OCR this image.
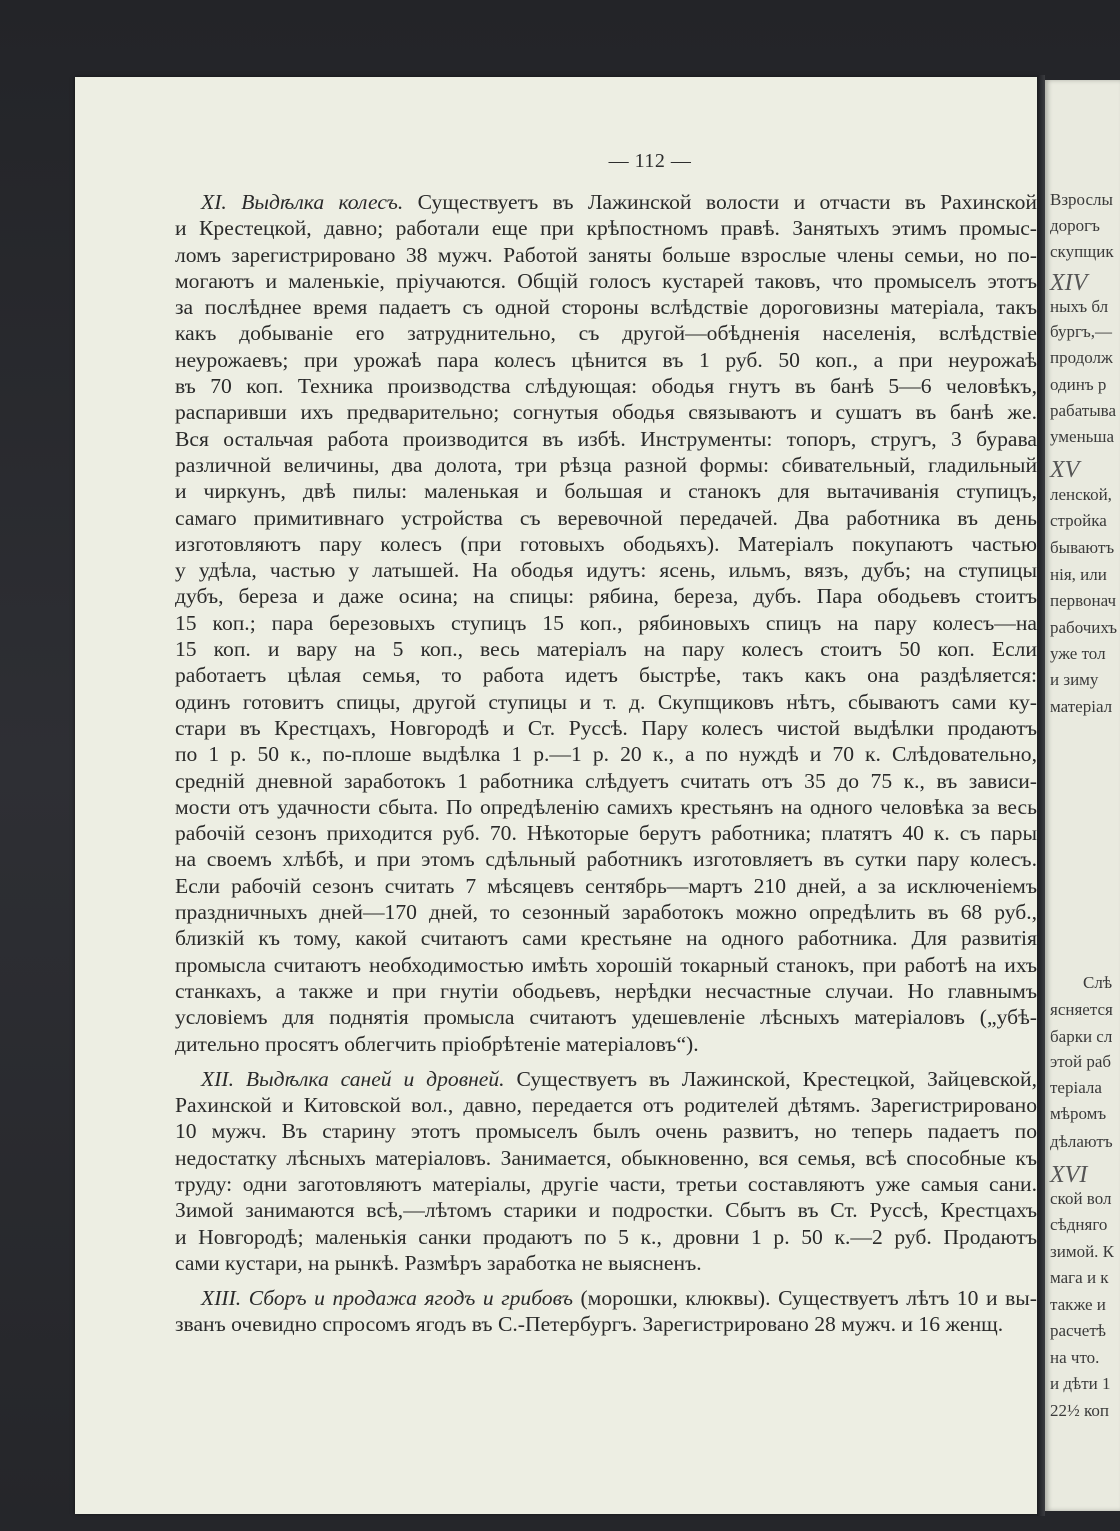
— 112 —
XI. Выдѣлка колесъ. Существуетъ въ Лажинской волости и отчасти въ Рахинской
и Крестецкой, давно; работали еще при крѣпостномъ правѣ. Занятыхъ этимъ промыс-
ломъ зарегистрировано 38 мужч. Работой заняты больше взрослые члены семьи, но по-
могаютъ и маленькіе, пріучаются. Общій голосъ кустарей таковъ, что промыселъ этотъ
за послѣднее время падаетъ съ одной стороны вслѣдствіе дороговизны матеріала, такъ
какъ добываніе его затруднительно, съ другой—обѣдненія населенія, вслѣдствіе
неурожаевъ; при урожаѣ пара колесъ цѣнится въ 1 руб. 50 коп., а при неурожаѣ
въ 70 коп. Техника производства слѣдующая: ободья гнутъ въ банѣ 5—6 человѣкъ,
распаривши ихъ предварительно; согнутыя ободья связываютъ и сушатъ въ банѣ же.
Вся остальчая работа производится въ избѣ. Инструменты: топоръ, стругъ, 3 бурава
различной величины, два долота, три рѣзца разной формы: сбивательный, гладильный
и чиркунъ, двѣ пилы: маленькая и большая и станокъ для вытачиванія ступицъ,
самаго примитивнаго устройства съ веревочной передачей. Два работника въ день
изготовляютъ пару колесъ (при готовыхъ ободьяхъ). Матеріалъ покупаютъ частью
у удѣла, частью у латышей. На ободья идутъ: ясень, ильмъ, вязъ, дубъ; на ступицы
дубъ, береза и даже осина; на спицы: рябина, береза, дубъ. Пара ободьевъ стоитъ
15 коп.; пара березовыхъ ступицъ 15 коп., рябиновыхъ спицъ на пару колесъ—на
15 коп. и вару на 5 коп., весь матеріалъ на пару колесъ стоитъ 50 коп. Если
работаетъ цѣлая семья, то работа идетъ быстрѣе, такъ какъ она раздѣляется:
одинъ готовитъ спицы, другой ступицы и т. д. Скупщиковъ нѣтъ, сбываютъ сами ку-
стари въ Крестцахъ, Новгородѣ и Ст. Руссѣ. Пару колесъ чистой выдѣлки продаютъ
по 1 р. 50 к., по-плоше выдѣлка 1 р.—1 р. 20 к., а по нуждѣ и 70 к. Слѣдовательно,
средній дневной заработокъ 1 работника слѣдуетъ считать отъ 35 до 75 к., въ зависи-
мости отъ удачности сбыта. По опредѣленію самихъ крестьянъ на одного человѣка за весь
рабочій сезонъ приходится руб. 70. Нѣкоторые берутъ работника; платятъ 40 к. съ пары
на своемъ хлѣбѣ, и при этомъ сдѣльный работникъ изготовляетъ въ сутки пару колесъ.
Если рабочій сезонъ считать 7 мѣсяцевъ сентябрь—мартъ 210 дней, а за исключеніемъ
праздничныхъ дней—170 дней, то сезонный заработокъ можно опредѣлить въ 68 руб.,
близкій къ тому, какой считаютъ сами крестьяне на одного работника. Для развитія
промысла считаютъ необходимостью имѣть хорошій токарный станокъ, при работѣ на ихъ
станкахъ, а также и при гнутіи ободьевъ, нерѣдки несчастные случаи. Но главнымъ
условіемъ для поднятія промысла считаютъ удешевленіе лѣсныхъ матеріаловъ („убѣ-
дительно просятъ облегчить пріобрѣтеніе матеріаловъ“).
XII. Выдѣлка саней и дровней. Существуетъ въ Лажинской, Крестецкой, Зайцевской,
Рахинской и Китовской вол., давно, передается отъ родителей дѣтямъ. Зарегистрировано
10 мужч. Въ старину этотъ промыселъ былъ очень развитъ, но теперь падаетъ по
недостатку лѣсныхъ матеріаловъ. Занимается, обыкновенно, вся семья, всѣ способные къ
труду: одни заготовляютъ матеріалы, другіе части, третьи составляютъ уже самыя сани.
Зимой занимаются всѣ,—лѣтомъ старики и подростки. Сбытъ въ Ст. Руссѣ, Крестцахъ
и Новгородѣ; маленькія санки продаютъ по 5 к., дровни 1 р. 50 к.—2 руб. Продаютъ
сами кустари, на рынкѣ. Размѣръ заработка не выясненъ.
XIII. Сборъ и продажа ягодъ и грибовъ (морошки, клюквы). Существуетъ лѣтъ 10 и вы-
званъ очевидно спросомъ ягодъ въ С.-Петербургъ. Зарегистрировано 28 мужч. и 16 женщ.
Взрослы
дорогъ
скупщик
XIV
ныхъ бл
бургъ,—
продолж
одинъ р
рабатыва
уменьша
XV
ленской,
стройка
бываютъ
нія, или
первонач
рабочихъ
уже тол
и зиму
матеріал
Слѣ
ясняется
барки сл
этой раб
теріала
мѣромъ
дѣлаютъ
XVI
ской вол
сѣдняго
зимой. К
мага и к
также и
расчетѣ
на что.
и дѣти 1
22½ коп
